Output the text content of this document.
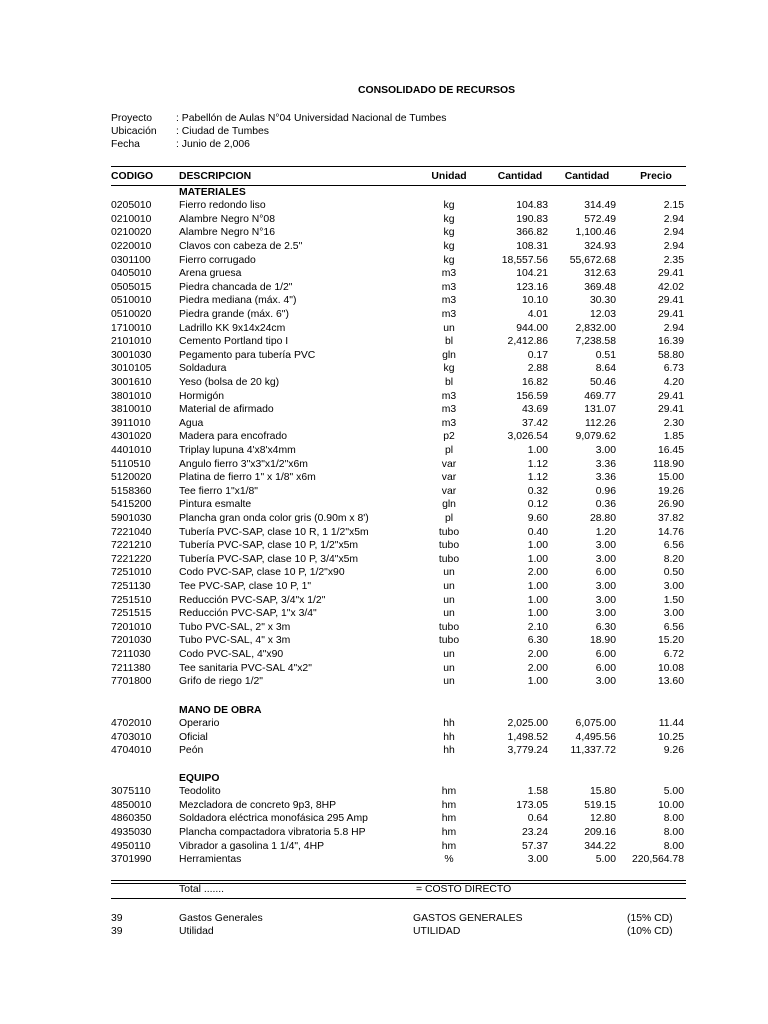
CONSOLIDADO DE RECURSOS
Proyecto : Pabellón de Aulas N°04 Universidad Nacional de Tumbes
Ubicación : Ciudad de Tumbes
Fecha	: Junio de 2,006
CODIGO DESCRIPCION	Unidad	Cantidad	Cantidad	Precio
MATERIALES
0205010	Fierro redondo liso	kg	104.83	314.49	2.15
0210010	Alambre Negro N°08	kg	190.83	572.49	2.94
0210020	Alambre Negro N°16	kg	366.82	1,100.46	2.94
0220010	Clavos con cabeza de 2.5"	kg	108.31	324.93	2.94
0301100	Fierro corrugado	kg	18,557.56	55,672.68	2.35
0405010	Arena gruesa	m3	104.21	312.63	29.41
0505015	Piedra chancada de 1/2"	m3	123.16	369.48	42.02
0510010	Piedra mediana (máx. 4")	m3	10.10	30.30	29.41
0510020	Piedra grande (máx. 6")	m3	4.01	12.03	29.41
1710010	Ladrillo KK 9x14x24cm	un	944.00	2,832.00	2.94
2101010	Cemento Portland tipo I	bl	2,412.86	7,238.58	16.39
3001030	Pegamento para tubería PVC	gln	0.17	0.51	58.80
3010105	Soldadura	kg	2.88	8.64	6.73
3001610	Yeso (bolsa de 20 kg)	bl	16.82	50.46	4.20
3801010	Hormigón	m3	156.59	469.77	29.41
3810010	Material de afirmado	m3	43.69	131.07	29.41
3911010	Agua	m3	37.42	112.26	2.30
4301020	Madera para encofrado	p2	3,026.54	9,079.62	1.85
4401010	Triplay lupuna 4'x8'x4mm	pl	1.00	3.00	16.45
5110510	Angulo fierro 3"x3"x1/2"x6m	var	1.12	3.36	118.90
5120020	Platina de fierro 1" x 1/8" x6m	var	1.12	3.36	15.00
5158360	Tee fierro 1"x1/8"	var	0.32	0.96	19.26
5415200	Pintura esmalte	gln	0.12	0.36	26.90
5901030	Plancha gran onda color gris (0.90m x 8')	pl	9.60	28.80	37.82
7221040	Tubería PVC-SAP, clase 10 R, 1 1/2"x5m	tubo	0.40	1.20	14.76
7221210	Tubería PVC-SAP, clase 10 P, 1/2"x5m	tubo	1.00	3.00	6.56
7221220	Tubería PVC-SAP, clase 10 P, 3/4"x5m	tubo	1.00	3.00	8.20
7251010	Codo PVC-SAP, clase 10 P, 1/2"x90	un	2.00	6.00	0.50
7251130	Tee PVC-SAP, clase 10 P, 1"	un	1.00	3.00	3.00
7251510	Reducción PVC-SAP, 3/4"x 1/2"	un	1.00	3.00	1.50
7251515	Reducción PVC-SAP, 1"x 3/4"	un	1.00	3.00	3.00
7201010	Tubo PVC-SAL, 2" x 3m	tubo	2.10	6.30	6.56
7201030	Tubo PVC-SAL, 4" x 3m	tubo	6.30	18.90	15.20
7211030	Codo PVC-SAL, 4"x90	un	2.00	6.00	6.72
7211380	Tee sanitaria PVC-SAL 4"x2"	un	2.00	6.00	10.08
7701800	Grifo de riego 1/2"	un	1.00	3.00	13.60
MANO DE OBRA
4702010	Operario	hh	2,025.00	6,075.00	11.44
4703010	Oficial	hh	1,498.52	4,495.56	10.25
4704010	Peón	hh	3,779.24	11,337.72	9.26
EQUIPO
3075110	Teodolito	hm	1.58	15.80	5.00
4850010	Mezcladora de concreto 9p3, 8HP	hm	173.05	519.15	10.00
4860350	Soldadora eléctrica monofásica 295 Amp	hm	0.64	12.80	8.00
4935030	Plancha compactadora vibratoria 5.8 HP	hm	23.24	209.16	8.00
4950110	Vibrador a gasolina 1 1/4", 4HP	hm	57.37	344.22	8.00
3701990	Herramientas	%	3.00	5.00	220,564.78
Total .......	= COSTO DIRECTO
39	Gastos Generales	GASTOS GENERALES	(15% CD)
39	Utilidad	UTILIDAD	(10% CD)
